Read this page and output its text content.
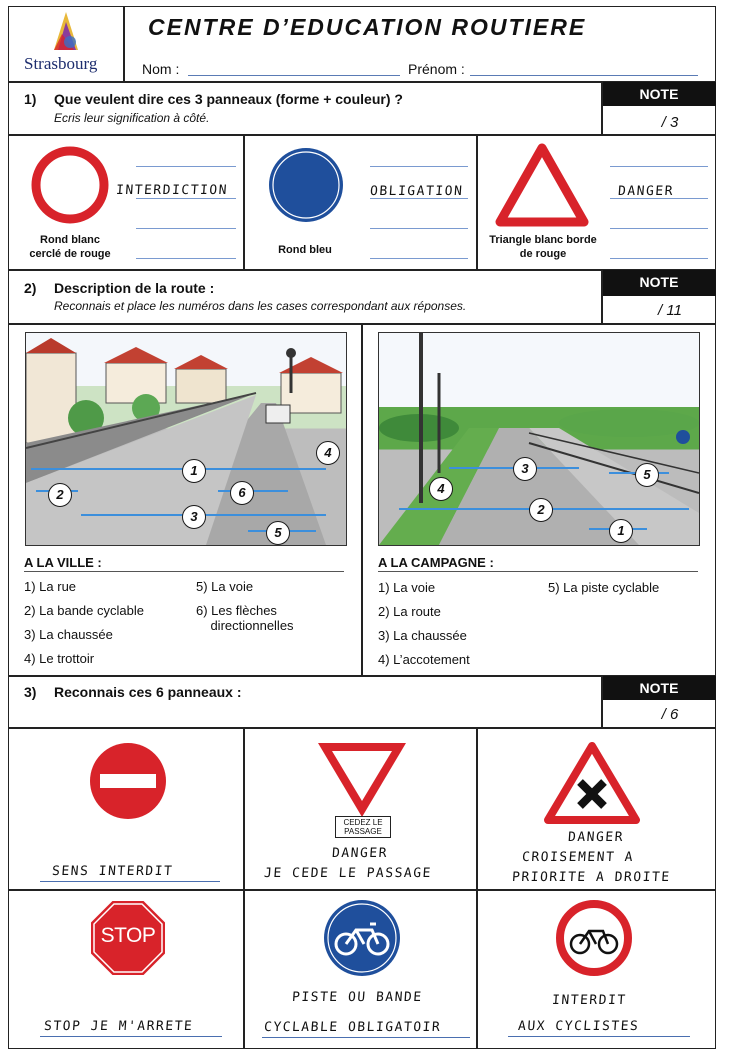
Strasbourg
CENTRE D’EDUCATION ROUTIERE
Nom :	Prénom :
1) Que veulent dire ces 3 panneaux (forme + couleur) ?
Ecris leur signification à côté.
NOTE
/ 3
Rond blanc
cerclé de rouge
INTERDICTION
Rond bleu
OBLIGATION
Triangle blanc borde
de rouge
DANGER
2) Description de la route :
Reconnais et place les numéros dans les cases correspondant aux réponses.
NOTE
/ 11
1
2
3
4
5
6
A LA VILLE :
1) La rue
2) La bande cyclable
3) La chaussée
4) Le trottoir
5) La voie
6) Les flèches
directionnelles
3
2
1
4
5
A LA CAMPAGNE :
1) La voie
2) La route
3) La chaussée
4) L’accotement
5) La piste cyclable
3) Reconnais ces 6 panneaux :	NOTE
/ 6
SENS INTERDIT
CEDEZ LE
PASSAGE
DANGER
JE CEDE LE PASSAGE
DANGER
CROISEMENT A
PRIORITE A DROITE
STOP
STOP JE M'ARRETE
PISTE OU BANDE
CYCLABLE OBLIGATOIR
INTERDIT
AUX CYCLISTES
